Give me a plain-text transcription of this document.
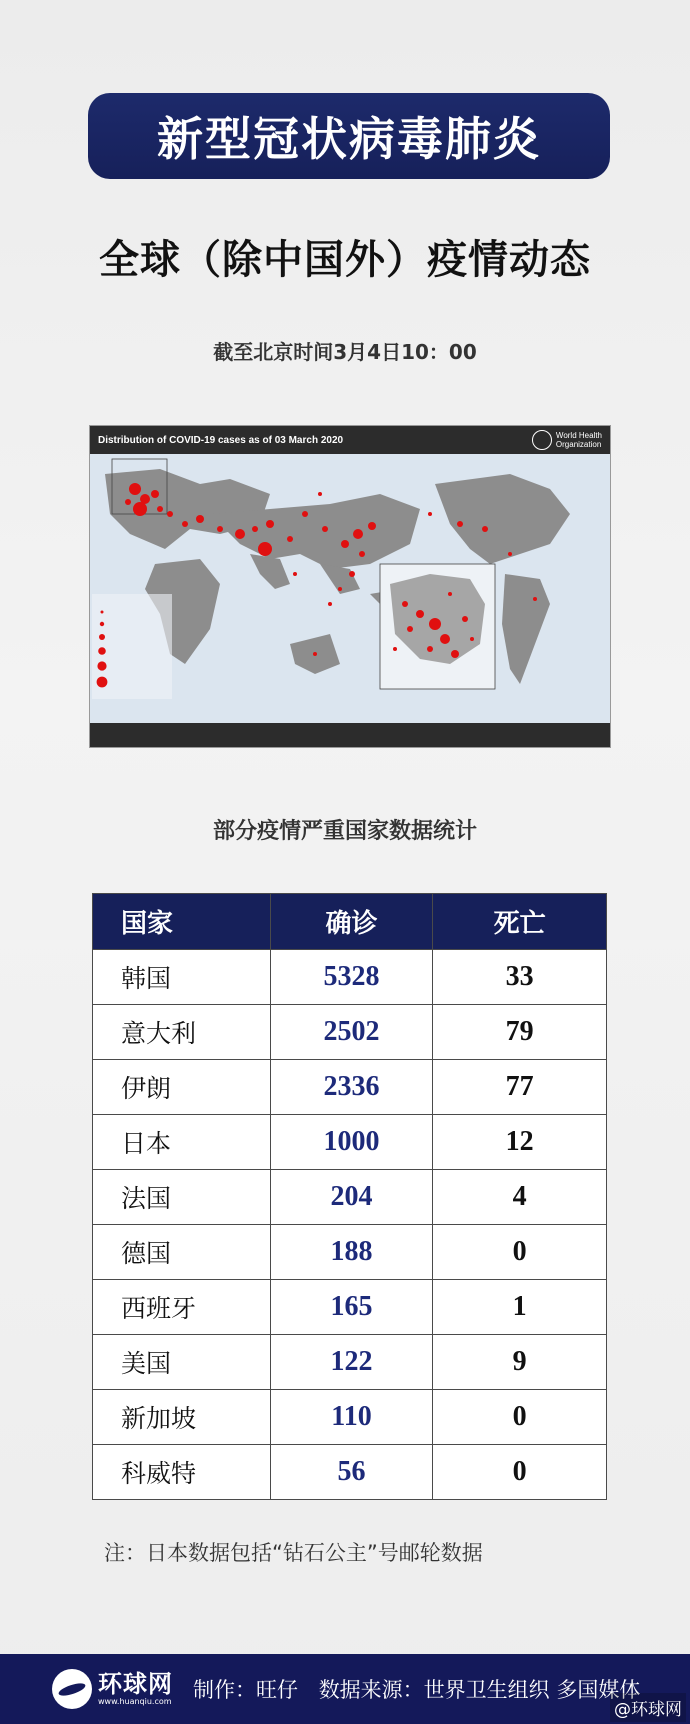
新型冠状病毒肺炎
全球（除中国外）疫情动态
截至北京时间3月4日10：00
Distribution of COVID-19 cases as of 03 March 2020	World Health
Organization
部分疫情严重国家数据统计
国家	确诊	死亡
韩国	5328	33
意大利	2502	79
伊朗	2336	77
日本	1000	12
法国	204	4
德国	188	0
西班牙	165	1
美国	122	9
新加坡	110	0
科威特	56	0
注：日本数据包括“钻石公主”号邮轮数据
环球网
www.huanqiu.com 制作：旺仔 数据来源：世界卫生组织 多国媒体
@环球网
